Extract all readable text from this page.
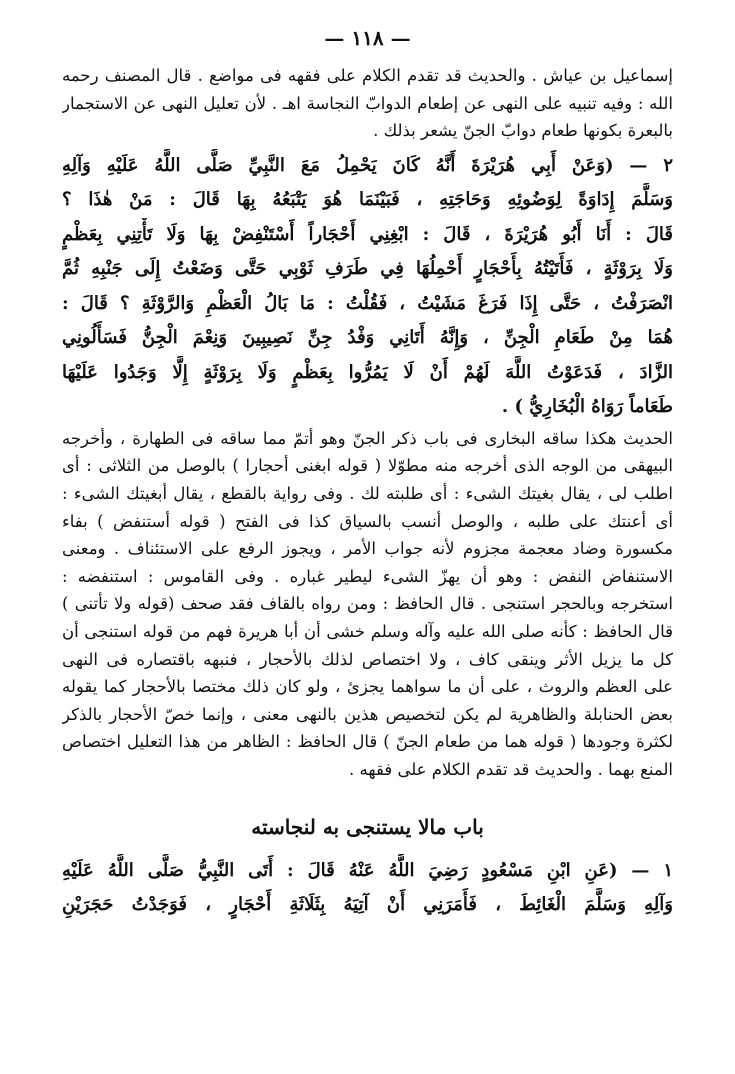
— ١١٨ —
إسماعيل بن عياش . والحديث قد تقدم الكلام على فقهه فى مواضع . قال المصنف رحمه
الله : وفيه تنبيه على النهى عن إطعام الدوابّ النجاسة اهـ . لأن تعليل النهى عن الاستجمار
بالبعرة بكونها طعام دوابّ الجنّ يشعر بذلك .
٢ — (وَعَنْ أَبِي هُرَيْرَةَ أَنَّهُ كَانَ يَحْمِلُ مَعَ النَّبِيِّ صَلَّى اللَّهُ عَلَيْهِ وَآلِهِ
وَسَلَّمَ إِدَاوَةً لِوَضُوئِهِ وَحَاجَتِهِ ، فَبَيْنَمَا هُوَ يَتْبَعُهُ بِهَا قَالَ : مَنْ هٰذَا ؟
قَالَ : أَنَا أَبُو هُرَيْرَةَ ، قَالَ : ابْغِنِي أَحْجَاراً أَسْتَنْفِضْ بِهَا وَلَا تَأْتِنِي بِعَظْمٍ
وَلَا بِرَوْثَةٍ ، فَأَتَيْتُهُ بِأَحْجَارٍ أَحْمِلُهَا فِي طَرَفِ ثَوْبِي حَتَّى وَضَعْتُ إِلَى جَنْبِهِ ثُمَّ
انْصَرَفْتُ ، حَتَّى إِذَا فَرَغَ مَشَيْتُ ، فَقُلْتُ : مَا بَالُ الْعَظْمِ وَالرَّوْثَةِ ؟ قَالَ :
هُمَا مِنْ طَعَامِ الْجِنِّ ، وَإِنَّهُ أَتَانِي وَفْدُ جِنِّ نَصِيبِينَ وَنِعْمَ الْجِنُّ فَسَأَلُونِي
الزَّادَ ، فَدَعَوْتُ اللَّهَ لَهُمْ أَنْ لَا يَمُرُّوا بِعَظْمٍ وَلَا بِرَوْثَةٍ إِلَّا وَجَدُوا عَلَيْهَا
طَعَاماً رَوَاهُ الْبُخَارِيُّ ) .
الحديث هكذا ساقه البخارى فى باب ذكر الجنّ وهو أتمّ مما ساقه فى الطهارة ، وأخرجه
البيهقى من الوجه الذى أخرجه منه مطوّلا ( قوله ابغنى أحجارا ) بالوصل من الثلاثى : أى
اطلب لى ، يقال بغيتك الشىء : أى طلبته لك . وفى رواية بالقطع ، يقال أبغيتك الشىء :
أى أعنتك على طلبه ، والوصل أنسب بالسياق كذا فى الفتح ( قوله أستنفض ) بفاء
مكسورة وضاد معجمة مجزوم لأنه جواب الأمر ، ويجوز الرفع على الاستئناف . ومعنى
الاستنفاض النفض : وهو أن يهزّ الشىء ليطير غباره . وفى القاموس : استنفضه :
استخرجه وبالحجر استنجى . قال الحافظ : ومن رواه بالقاف فقد صحف (قوله ولا تأتنى )
قال الحافظ : كأنه صلى الله عليه وآله وسلم خشى أن أبا هريرة فهم من قوله استنجى أن
كل ما يزيل الأثر وينقى كاف ، ولا اختصاص لذلك بالأحجار ، فنبهه باقتصاره فى النهى
على العظم والروث ، على أن ما سواهما يجزئ ، ولو كان ذلك مختصا بالأحجار كما يقوله
بعض الحنابلة والظاهرية لم يكن لتخصيص هذين بالنهى معنى ، وإنما خصّ الأحجار بالذكر
لكثرة وجودها ( قوله هما من طعام الجنّ ) قال الحافظ : الظاهر من هذا التعليل اختصاص
المنع بهما . والحديث قد تقدم الكلام على فقهه .
باب مالا يستنجى به لنجاسته
١ — (عَنِ ابْنِ مَسْعُودٍ رَضِيَ اللَّهُ عَنْهُ قَالَ : أَتَى النَّبِيُّ صَلَّى اللَّهُ عَلَيْهِ
وَآلِهِ وَسَلَّمَ الْغَائِطَ ، فَأَمَرَنِي أَنْ آتِيَهُ بِثَلَاثَةِ أَحْجَارٍ ، فَوَجَدْتُ حَجَرَيْنِ
